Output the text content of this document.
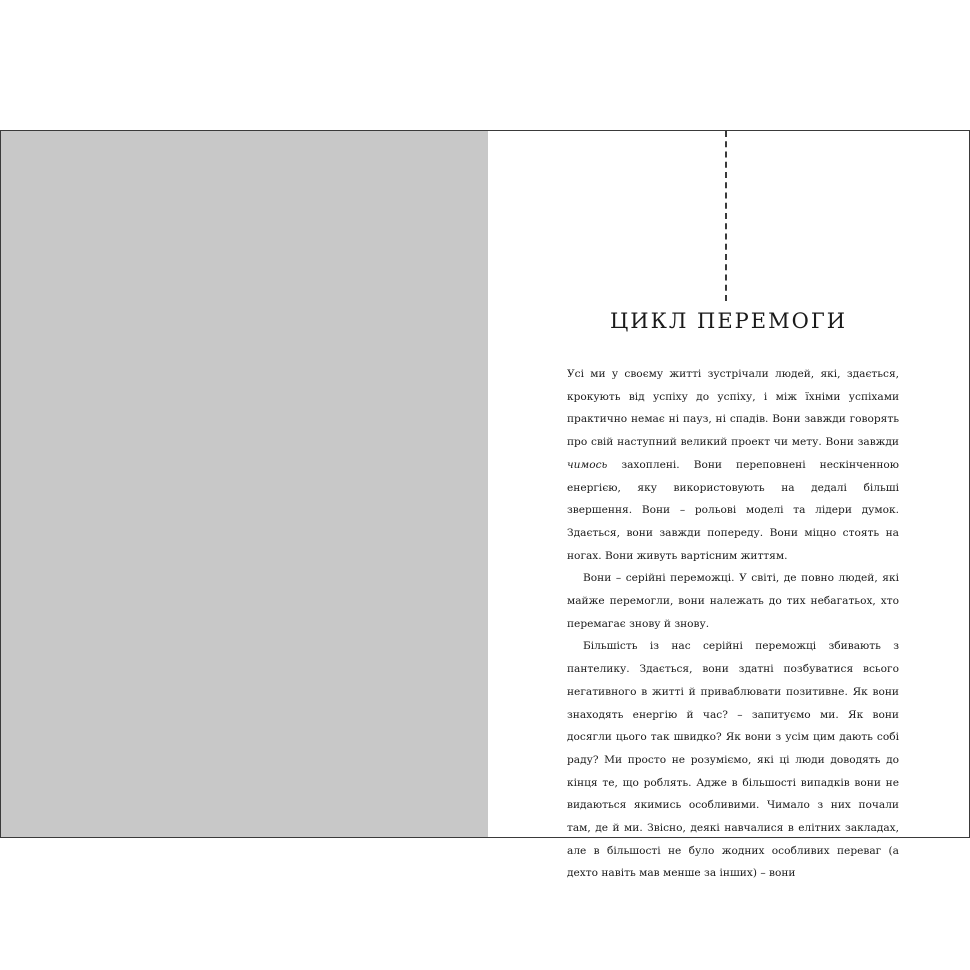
ЦИКЛ ПЕРЕМОГИ

Усі ми у своєму житті зустрічали людей, які, здається, крокують від успіху до успіху, і між їхніми успіхами практично немає ні пауз, ні спадів. Вони завжди говорять про свій наступний великий проект чи мету. Вони завжди чимось захоплені. Вони переповнені нескінченною енергією, яку використовують на дедалі більші звершення. Вони – рольові моделі та лідери думок. Здається, вони завжди попереду. Вони міцно стоять на ногах. Вони живуть вартісним життям.

Вони – серійні переможці. У світі, де повно людей, які майже перемогли, вони належать до тих небагатьох, хто перемагає знову й знову.

Більшість із нас серійні переможці збивають з пантелику. Здається, вони здатні позбуватися всього негативного в житті й приваблювати позитивне. Як вони знаходять енергію й час? – запитуємо ми. Як вони досягли цього так швидко? Як вони з усім цим дають собі раду? Ми просто не розуміємо, які ці люди доводять до кінця те, що роблять. Адже в більшості випадків вони не видаються якимись особливими. Чимало з них почали там, де й ми. Звісно, деякі навчалися в елітних закладах, але в більшості не було жодних особливих переваг (а дехто навіть мав менше за інших) – вони
